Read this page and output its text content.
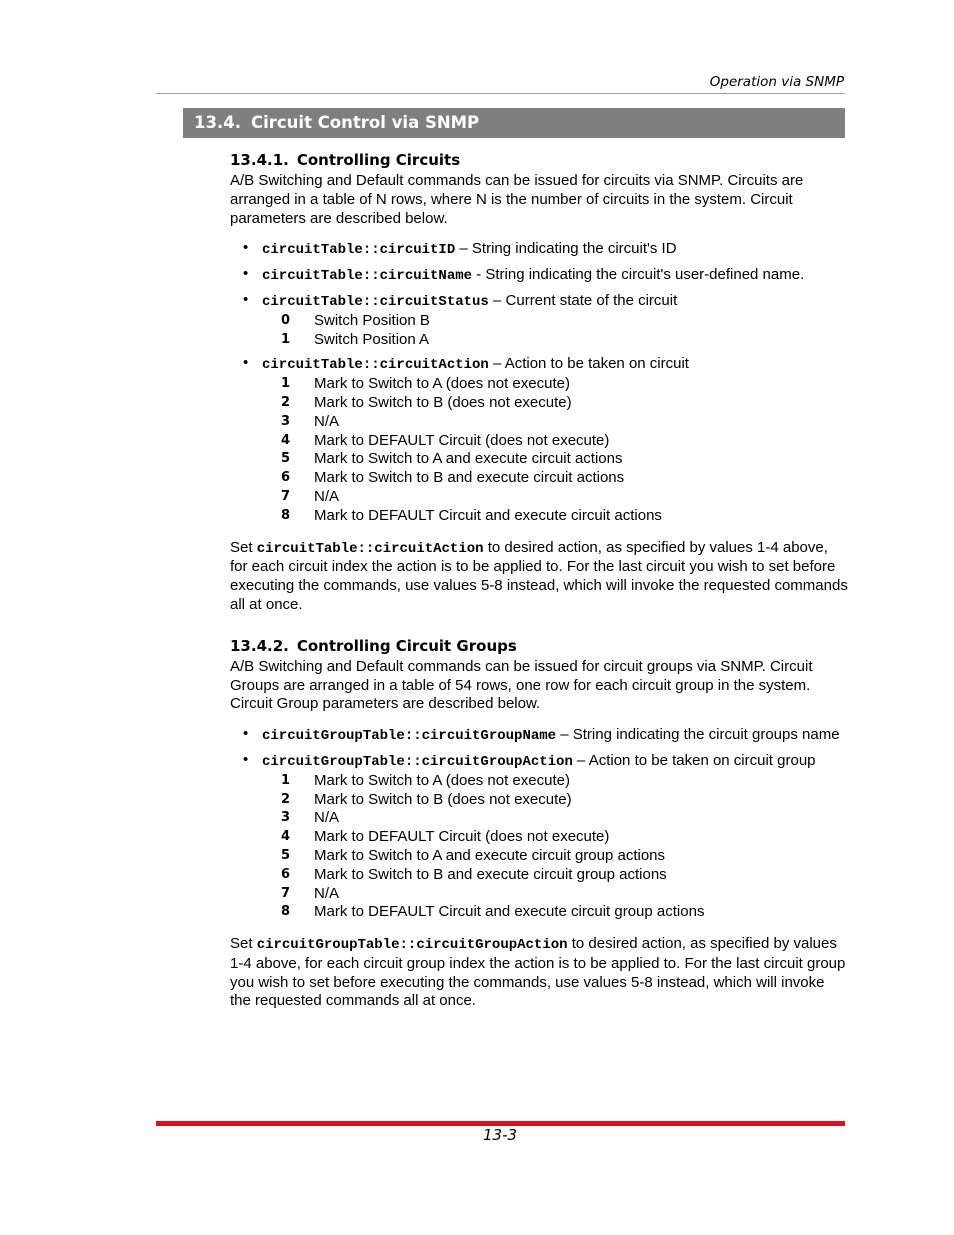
Operation via SNMP
13.4. Circuit Control via SNMP
13.4.1. Controlling Circuits

A/B Switching and Default commands can be issued for circuits via SNMP. Circuits are arranged in a table of N rows, where N is the number of circuits in the system. Circuit parameters are described below.

• circuitTable::circuitID – String indicating the circuit's ID
• circuitTable::circuitName - String indicating the circuit's user-defined name.
• circuitTable::circuitStatus – Current state of the circuit
0 Switch Position B
1 Switch Position A
• circuitTable::circuitAction – Action to be taken on circuit
1 Mark to Switch to A (does not execute)
2 Mark to Switch to B (does not execute)
3 N/A
4 Mark to DEFAULT Circuit (does not execute)
5 Mark to Switch to A and execute circuit actions
6 Mark to Switch to B and execute circuit actions
7 N/A
8 Mark to DEFAULT Circuit and execute circuit actions

Set circuitTable::circuitAction to desired action, as specified by values 1-4 above, for each circuit index the action is to be applied to. For the last circuit you wish to set before executing the commands, use values 5-8 instead, which will invoke the requested commands all at once.

13.4.2. Controlling Circuit Groups

A/B Switching and Default commands can be issued for circuit groups via SNMP. Circuit Groups are arranged in a table of 54 rows, one row for each circuit group in the system. Circuit Group parameters are described below.

• circuitGroupTable::circuitGroupName – String indicating the circuit groups name
• circuitGroupTable::circuitGroupAction – Action to be taken on circuit group
1 Mark to Switch to A (does not execute)
2 Mark to Switch to B (does not execute)
3 N/A
4 Mark to DEFAULT Circuit (does not execute)
5 Mark to Switch to A and execute circuit group actions
6 Mark to Switch to B and execute circuit group actions
7 N/A
8 Mark to DEFAULT Circuit and execute circuit group actions

Set circuitGroupTable::circuitGroupAction to desired action, as specified by values 1-4 above, for each circuit group index the action is to be applied to. For the last circuit group you wish to set before executing the commands, use values 5-8 instead, which will invoke the requested commands all at once.

13-3
